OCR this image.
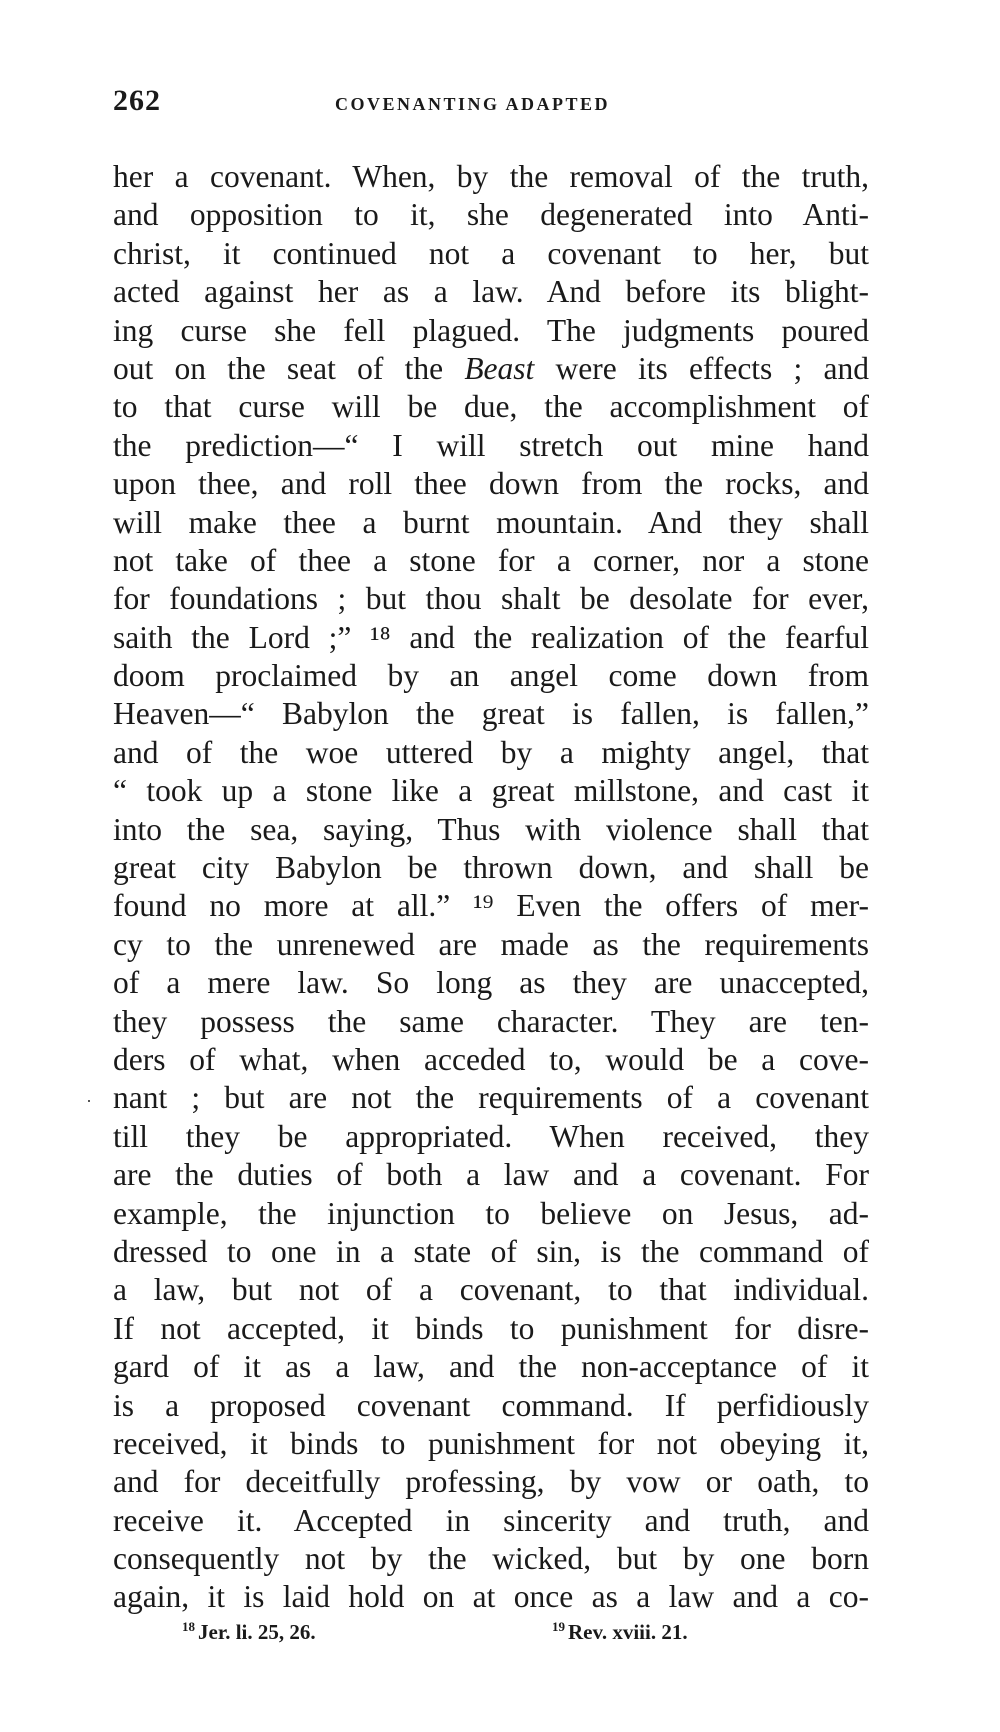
262	COVENANTING ADAPTED
her a covenant. When, by the removal of the truth,
and opposition to it, she degenerated into Anti-
christ, it continued not a covenant to her, but
acted against her as a law. And before its blight-
ing curse she fell plagued. The judgments poured
out on the seat of the Beast were its effects ; and
to that curse will be due, the accomplishment of
the prediction—“ I will stretch out mine hand
upon thee, and roll thee down from the rocks, and
will make thee a burnt mountain. And they shall
not take of thee a stone for a corner, nor a stone
for foundations ; but thou shalt be desolate for ever,
saith the Lord ;” ¹⁸ and the realization of the fearful
doom proclaimed by an angel come down from
Heaven—“ Babylon the great is fallen, is fallen,”
and of the woe uttered by a mighty angel, that
“ took up a stone like a great millstone, and cast it
into the sea, saying, Thus with violence shall that
great city Babylon be thrown down, and shall be
found no more at all.” ¹⁹ Even the offers of mer-
cy to the unrenewed are made as the requirements
of a mere law. So long as they are unaccepted,
they possess the same character. They are ten-
ders of what, when acceded to, would be a cove-
nant ; but are not the requirements of a covenant
till they be appropriated. When received, they
are the duties of both a law and a covenant. For
example, the injunction to believe on Jesus, ad-
dressed to one in a state of sin, is the command of
a law, but not of a covenant, to that individual.
If not accepted, it binds to punishment for disre-
gard of it as a law, and the non-acceptance of it
is a proposed covenant command. If perfidiously
received, it binds to punishment for not obeying it,
and for deceitfully professing, by vow or oath, to
receive it. Accepted in sincerity and truth, and
consequently not by the wicked, but by one born
again, it is laid hold on at once as a law and a co-
$^{18}$ Jer. li. 25, 26.	$^{19}$ Rev. xviii. 21.
